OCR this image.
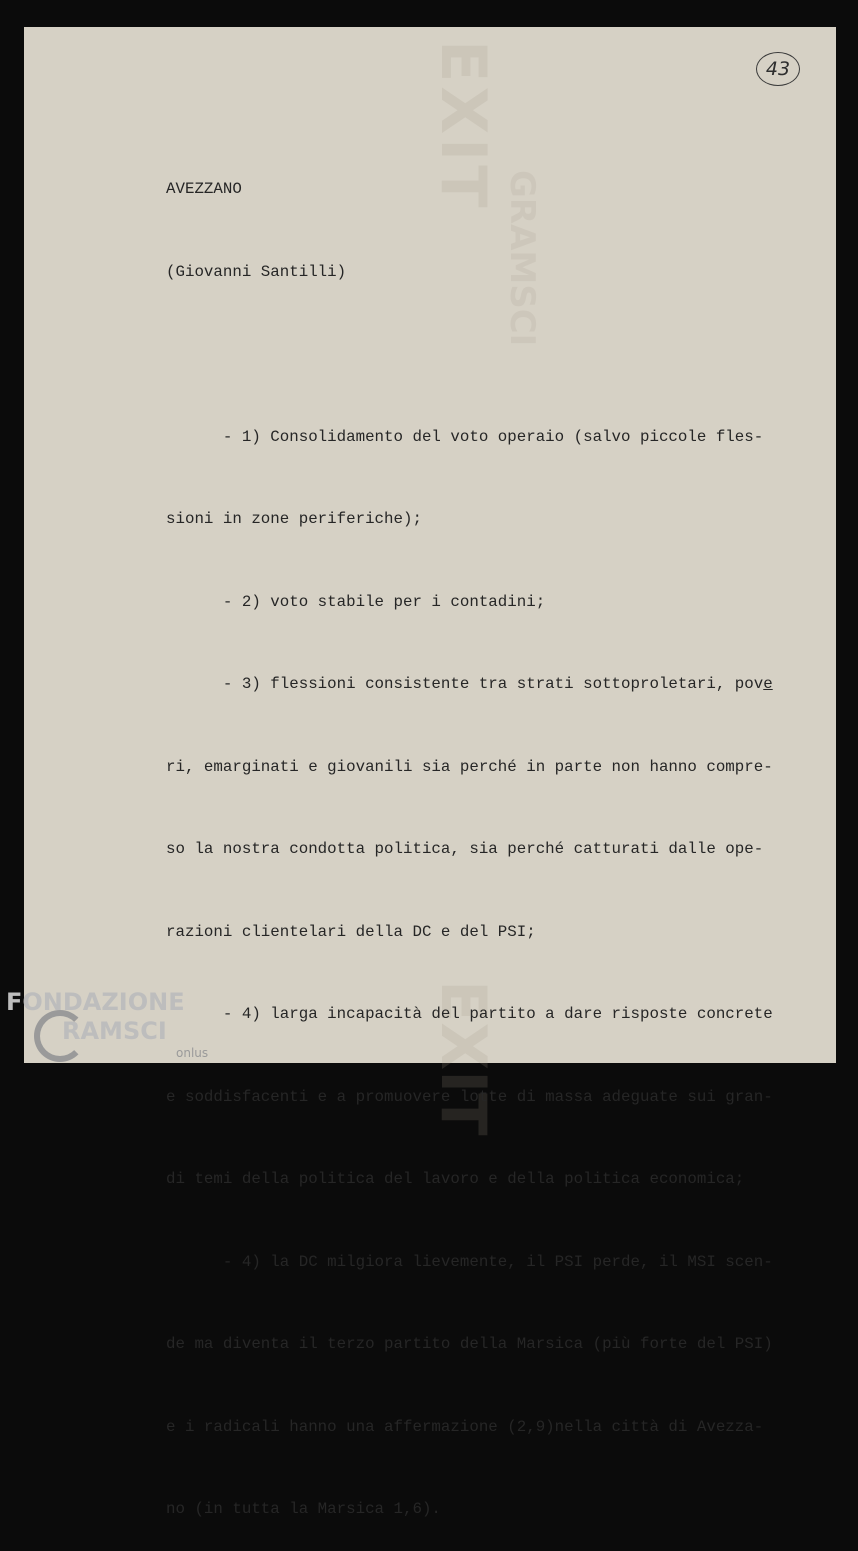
EXIT
EXIT
GRAMSCI
43

AVEZZANO

(Giovanni Santilli)

- 1) Consolidamento del voto operaio (salvo piccole fles-

sioni in zone periferiche);

- 2) voto stabile per i contadini;

- 3) flessioni consistente tra strati sottoproletari, pove

ri, emarginati e giovanili sia perché in parte non hanno compre-

so la nostra condotta politica, sia perché catturati dalle ope-

razioni clientelari della DC e del PSI;

- 4) larga incapacità del partito a dare risposte concrete

e soddisfacenti e a promuovere lotte di massa adeguate sui gran-

di temi della politica del lavoro e della politica economica;

- 4) la DC milgiora lievemente, il PSI perde, il MSI scen-

de ma diventa il terzo partito della Marsica (più forte del PSI)

e i radicali hanno una affermazione (2,9)nella città di Avezza-

no (in tutta la Marsica 1,6).

FONDAZIONE
RAMSCI
onlus
